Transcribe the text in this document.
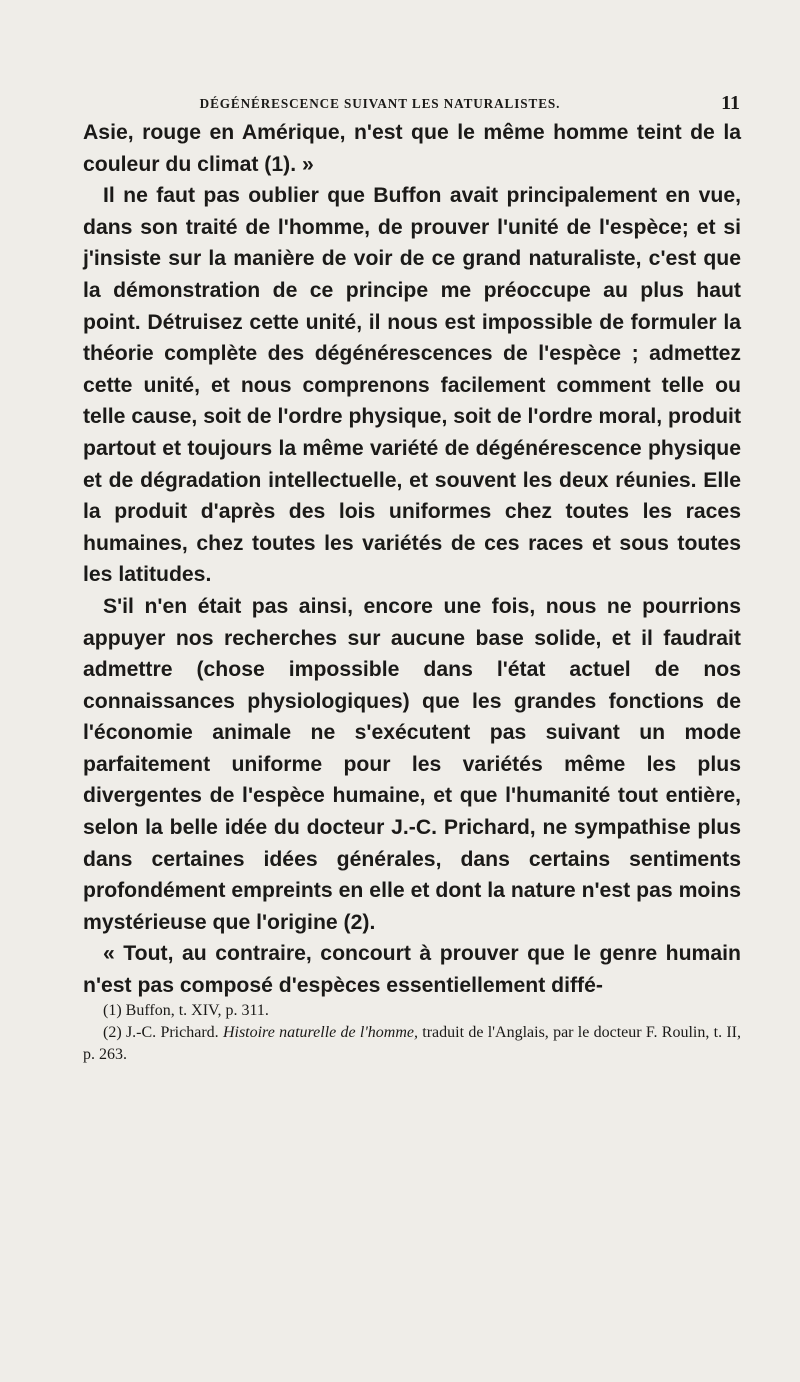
DÉGÉNÉRESCENCE SUIVANT LES NATURALISTES.	11

Asie, rouge en Amérique, n'est que le même homme teint de la couleur du climat (1). »

Il ne faut pas oublier que Buffon avait principalement en vue, dans son traité de l'homme, de prouver l'unité de l'espèce; et si j'insiste sur la manière de voir de ce grand naturaliste, c'est que la démonstration de ce principe me préoccupe au plus haut point. Détruisez cette unité, il nous est impossible de formuler la théorie complète des dégénérescences de l'espèce ; admettez cette unité, et nous comprenons facilement comment telle ou telle cause, soit de l'ordre physique, soit de l'ordre moral, produit partout et toujours la même variété de dégénérescence physique et de dégradation intellectuelle, et souvent les deux réunies. Elle la produit d'après des lois uniformes chez toutes les races humaines, chez toutes les variétés de ces races et sous toutes les latitudes.

S'il n'en était pas ainsi, encore une fois, nous ne pourrions appuyer nos recherches sur aucune base solide, et il faudrait admettre (chose impossible dans l'état actuel de nos connaissances physiologiques) que les grandes fonctions de l'économie animale ne s'exécutent pas suivant un mode parfaitement uniforme pour les variétés même les plus divergentes de l'espèce humaine, et que l'humanité tout entière, selon la belle idée du docteur J.-C. Prichard, ne sympathise plus dans certaines idées générales, dans certains sentiments profondément empreints en elle et dont la nature n'est pas moins mystérieuse que l'origine (2).

« Tout, au contraire, concourt à prouver que le genre humain n'est pas composé d'espèces essentiellement diffé-

(1) Buffon, t. XIV, p. 311.

(2) J.-C. Prichard. Histoire naturelle de l'homme, traduit de l'Anglais, par le docteur F. Roulin, t. II, p. 263.
